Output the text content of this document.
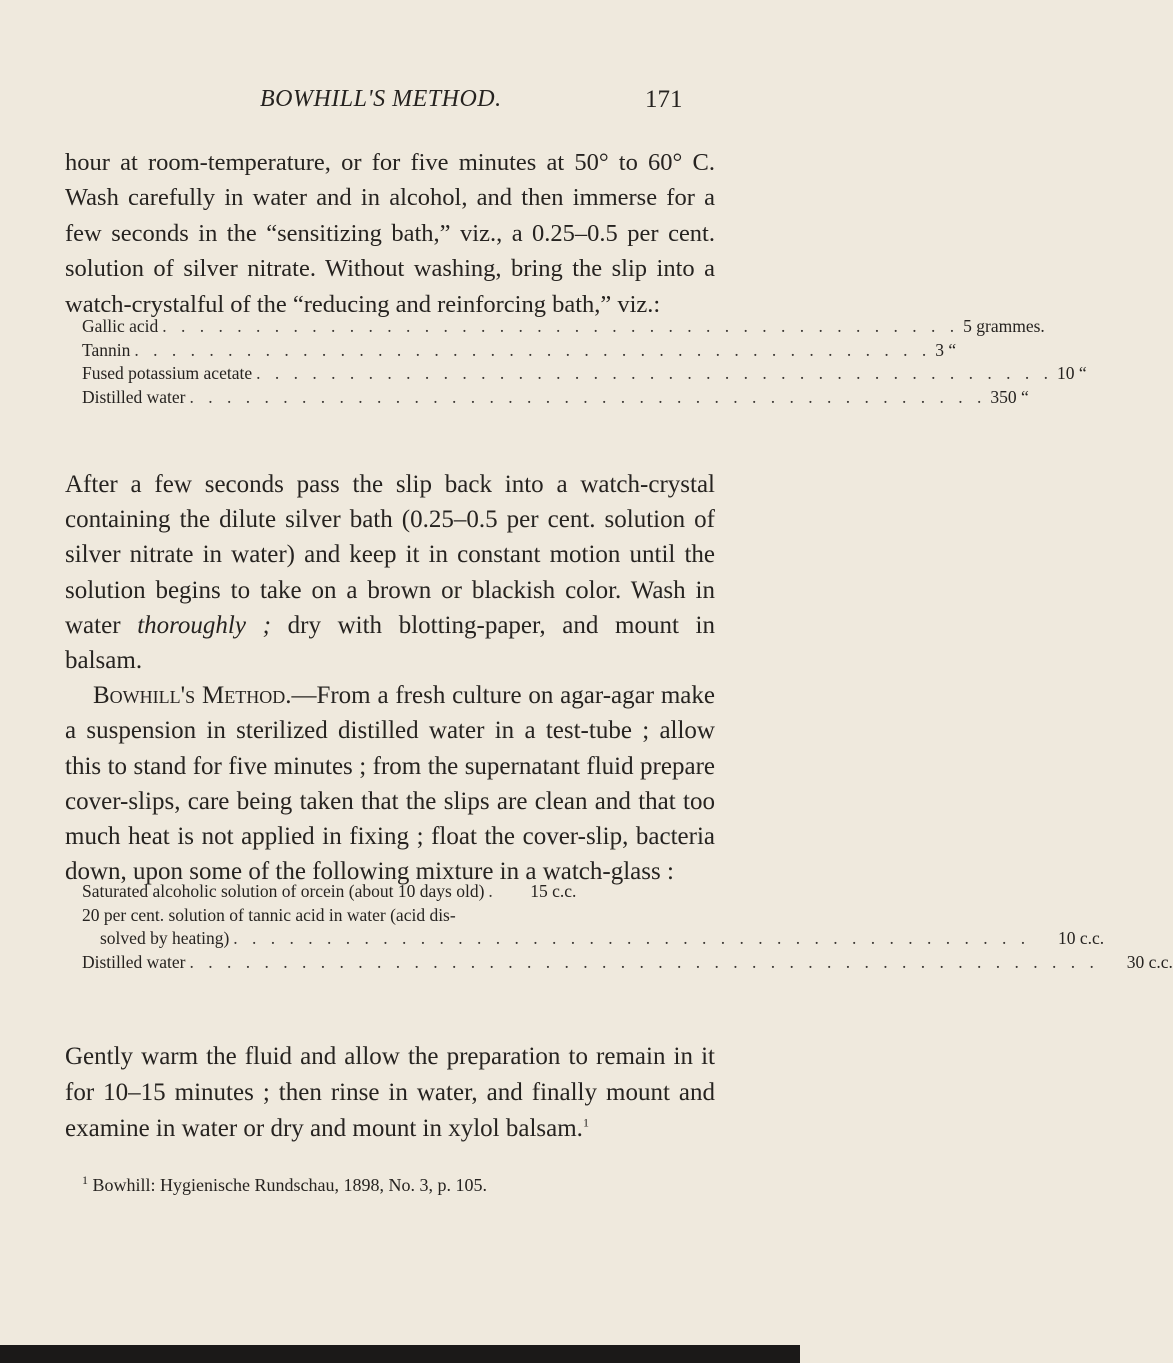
BOWHILL'S METHOD.	171

hour at room-temperature, or for five minutes at 50° to 60° C. Wash carefully in water and in alcohol, and then immerse for a few seconds in the “sensitizing bath,” viz., a 0.25–0.5 per cent. solution of silver nitrate. Without washing, bring the slip into a watch-crystalful of the “reducing and reinforcing bath,” viz.:

Gallic acid . . . . . . . . . . . . . . . . . . . . . . . . . . . . . . . . . . . . . . . . . . . 5 grammes.
Tannin . . . . . . . . . . . . . . . . . . . . . . . . . . . . . . . . . . . . . . . . . . . 3 “
Fused potassium acetate . . . . . . . . . . . . . . . . . . . . . . . . . . . . . . . . . . . . . . . . . . . 10 “
Distilled water . . . . . . . . . . . . . . . . . . . . . . . . . . . . . . . . . . . . . . . . . . . 350 “

After a few seconds pass the slip back into a watch-crystal containing the dilute silver bath (0.25–0.5 per cent. solution of silver nitrate in water) and keep it in constant motion until the solution begins to take on a brown or blackish color. Wash in water thoroughly ; dry with blotting-paper, and mount in balsam.
Bowhill's Method.—From a fresh culture on agar-agar make a suspension in sterilized distilled water in a test-tube ; allow this to stand for five minutes ; from the supernatant fluid prepare cover-slips, care being taken that the slips are clean and that too much heat is not applied in fixing ; float the cover-slip, bacteria down, upon some of the following mixture in a watch-glass :

Saturated alcoholic solution of orcein (about 10 days old) .	15 c.c.
20 per cent. solution of tannic acid in water (acid dis-
solved by heating) . . . . . . . . . . . . . . . . . . . . . . . . . . . . . . . . . . . . . . . . . . .	10 c.c.
Distilled water . . . . . . . . . . . . . . . . . . . . . . . . . . . . . . . . . . . . . . . . . . . . . . . . .	30 c.c.

Gently warm the fluid and allow the preparation to remain in it for 10–15 minutes ; then rinse in water, and finally mount and examine in water or dry and mount in xylol balsam.$^1$

$^1$ Bowhill: Hygienische Rundschau, 1898, No. 3, p. 105.
